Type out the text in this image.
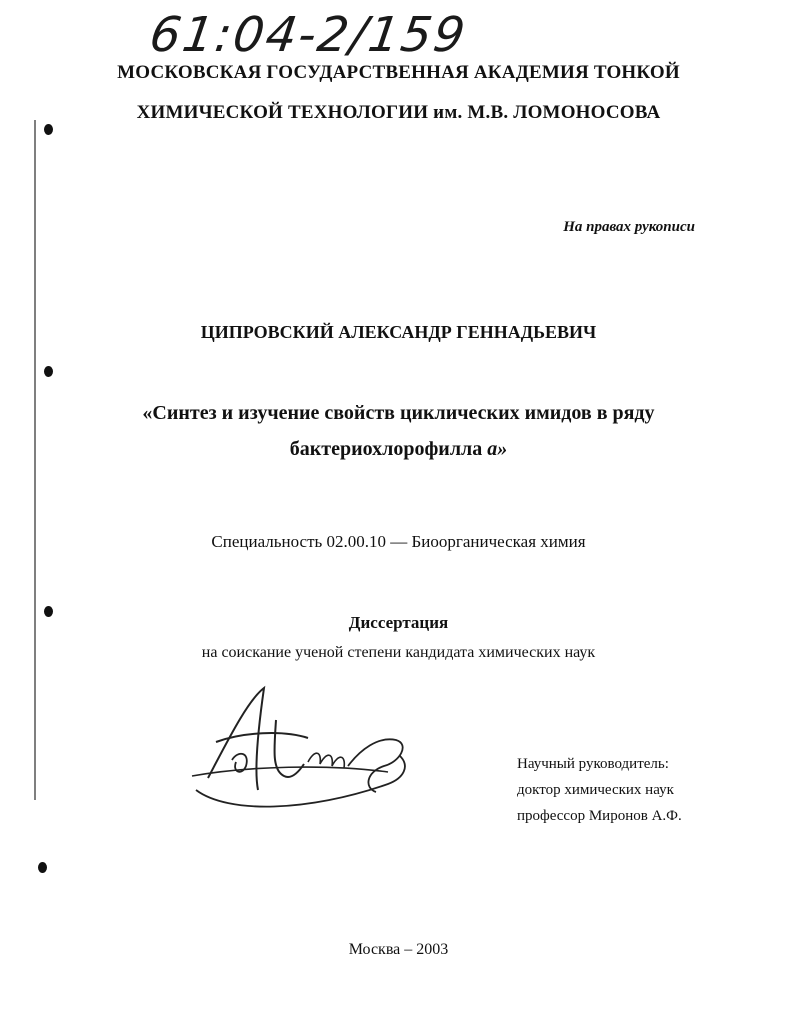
61:04-2/159
МОСКОВСКАЯ ГОСУДАРСТВЕННАЯ АКАДЕМИЯ ТОНКОЙ
ХИМИЧЕСКОЙ ТЕХНОЛОГИИ им. М.В. ЛОМОНОСОВА
На правах рукописи
ЦИПРОВСКИЙ АЛЕКСАНДР ГЕННАДЬЕВИЧ
«Синтез и изучение свойств циклических имидов в ряду
бактериохлорофилла а»
Специальность 02.00.10 — Биоорганическая химия
Диссертация
на соискание ученой степени кандидата химических наук
Научный руководитель:
доктор химических наук
профессор Миронов А.Ф.
Москва – 2003
